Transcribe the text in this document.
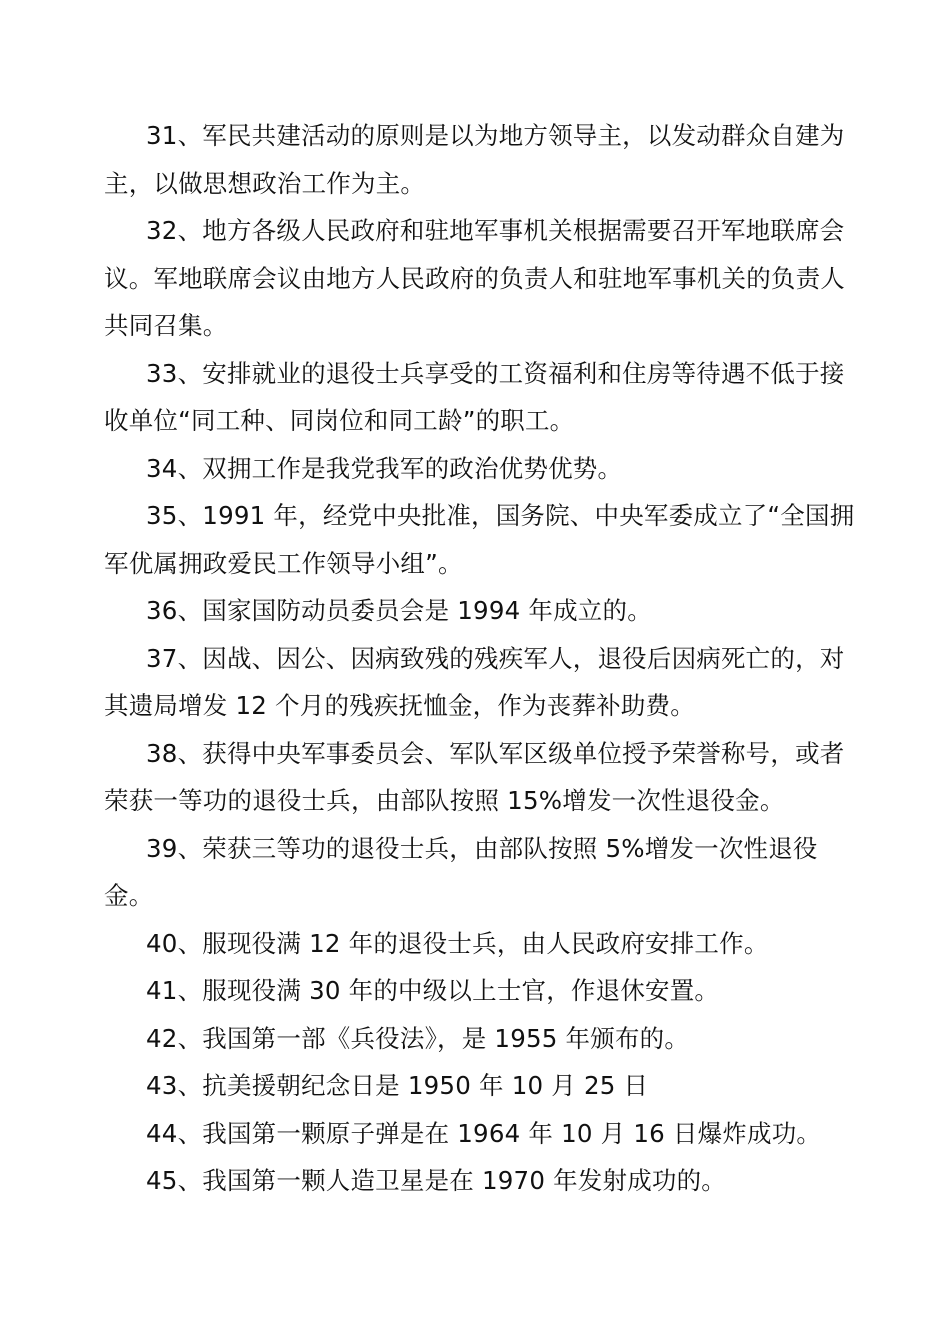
31、军民共建活动的原则是以为地方领导主，以发动群众自建为主，以做思想政治工作为主。

32、地方各级人民政府和驻地军事机关根据需要召开军地联席会议。军地联席会议由地方人民政府的负责人和驻地军事机关的负责人共同召集。

33、安排就业的退役士兵享受的工资福利和住房等待遇不低于接收单位“同工种、同岗位和同工龄”的职工。

34、双拥工作是我党我军的政治优势优势。

35、1991 年，经党中央批准，国务院、中央军委成立了“全国拥军优属拥政爱民工作领导小组”。

36、国家国防动员委员会是 1994 年成立的。

37、因战、因公、因病致残的残疾军人，退役后因病死亡的，对其遗局增发 12 个月的残疾抚恤金，作为丧葬补助费。

38、获得中央军事委员会、军队军区级单位授予荣誉称号，或者荣获一等功的退役士兵，由部队按照 15%增发一次性退役金。

39、荣获三等功的退役士兵，由部队按照 5%增发一次性退役金。

40、服现役满 12 年的退役士兵，由人民政府安排工作。

41、服现役满 30 年的中级以上士官，作退休安置。

42、我国第一部《兵役法》，是 1955 年颁布的。

43、抗美援朝纪念日是 1950 年 10 月 25 日

44、我国第一颗原子弹是在 1964 年 10 月 16 日爆炸成功。

45、我国第一颗人造卫星是在 1970 年发射成功的。
